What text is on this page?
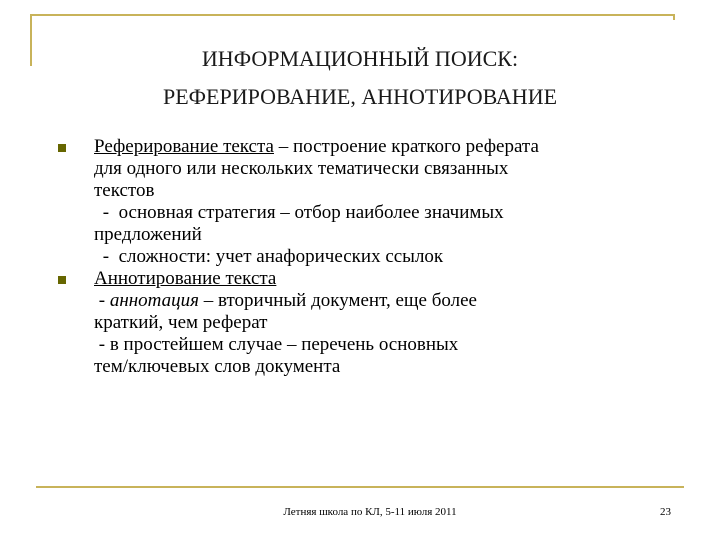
ИНФОРМАЦИОННЫЙ ПОИСК:
РЕФЕРИРОВАНИЕ, АННОТИРОВАНИЕ
Реферирование текста – построение краткого реферата
для одного или нескольких тематически связанных
текстов
-  основная стратегия – отбор наиболее значимых
предложений
-  сложности: учет анафорических ссылок
Аннотирование текста
- аннотация – вторичный документ, еще более
краткий, чем реферат
- в простейшем случае – перечень основных
тем/ключевых слов документа
Летняя школа по КЛ, 5-11 июля 2011	23
